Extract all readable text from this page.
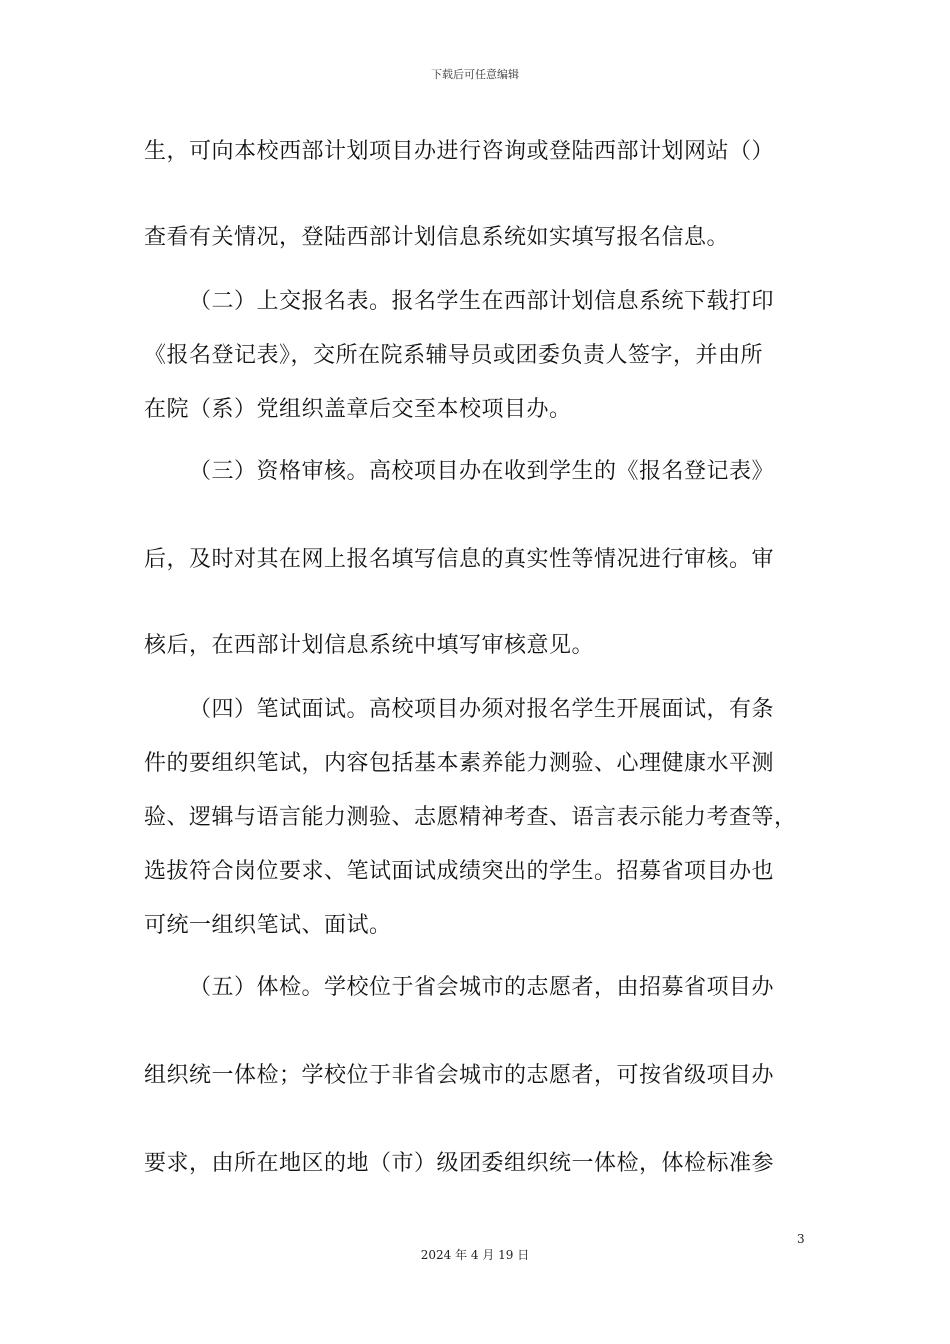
下载后可任意编辑
生，可向本校西部计划项目办进行咨询或登陆西部计划网站（）
查看有关情况，登陆西部计划信息系统如实填写报名信息。
（二）上交报名表。报名学生在西部计划信息系统下载打印
《报名登记表》，交所在院系辅导员或团委负责人签字，并由所
在院（系）党组织盖章后交至本校项目办。
（三）资格审核。高校项目办在收到学生的《报名登记表》
后，及时对其在网上报名填写信息的真实性等情况进行审核。审
核后，在西部计划信息系统中填写审核意见。
（四）笔试面试。高校项目办须对报名学生开展面试，有条
件的要组织笔试，内容包括基本素养能力测验、心理健康水平测
验、逻辑与语言能力测验、志愿精神考查、语言表示能力考查等，
选拔符合岗位要求、笔试面试成绩突出的学生。招募省项目办也
可统一组织笔试、面试。
（五）体检。学校位于省会城市的志愿者，由招募省项目办
组织统一体检；学校位于非省会城市的志愿者，可按省级项目办
要求，由所在地区的地（市）级团委组织统一体检，体检标准参
3
2024 年 4 月 19 日
